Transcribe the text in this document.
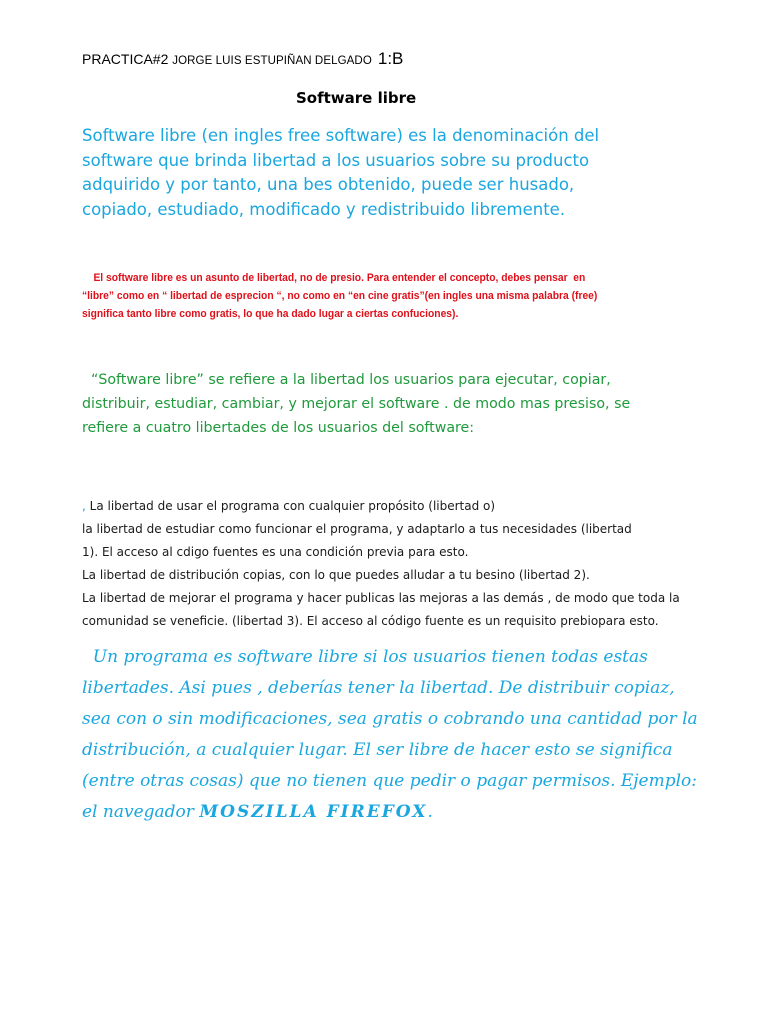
PRACTICA#2 JORGE LUIS ESTUPIÑAN DELGADO 1:B
Software libre

Software libre (en ingles free software) es la denominación del
software que brinda libertad a los usuarios sobre su producto
adquirido y por tanto, una bes obtenido, puede ser husado,
copiado, estudiado, modificado y redistribuido libremente.

El software libre es un asunto de libertad, no de presio. Para entender el concepto, debes pensar  en
“libre” como en “ libertad de esprecion “, no como en “en cine gratis”(en ingles una misma palabra (free)
significa tanto libre como gratis, lo que ha dado lugar a ciertas confuciones).

“Software libre” se refiere a la libertad los usuarios para ejecutar, copiar,
distribuir, estudiar, cambiar, y mejorar el software . de modo mas presiso, se
refiere a cuatro libertades de los usuarios del software:

, La libertad de usar el programa con cualquier propósito (libertad o)
la libertad de estudiar como funcionar el programa, y adaptarlo a tus necesidades (libertad
1). El acceso al cdigo fuentes es una condición previa para esto.
La libertad de distribución copias, con lo que puedes alludar a tu besino (libertad 2).
La libertad de mejorar el programa y hacer publicas las mejoras a las demás , de modo que toda la
comunidad se veneficie. (libertad 3). El acceso al código fuente es un requisito prebiopara esto.

Un programa es software libre si los usuarios tienen todas estas
libertades. Asi pues , deberías tener la libertad. De distribuir copiaz,
sea con o sin modificaciones, sea gratis o cobrando una cantidad por la
distribución, a cualquier lugar. El ser libre de hacer esto se significa
(entre otras cosas) que no tienen que pedir o pagar permisos. Ejemplo:
el navegador MOSZILLA FIREFOX.
